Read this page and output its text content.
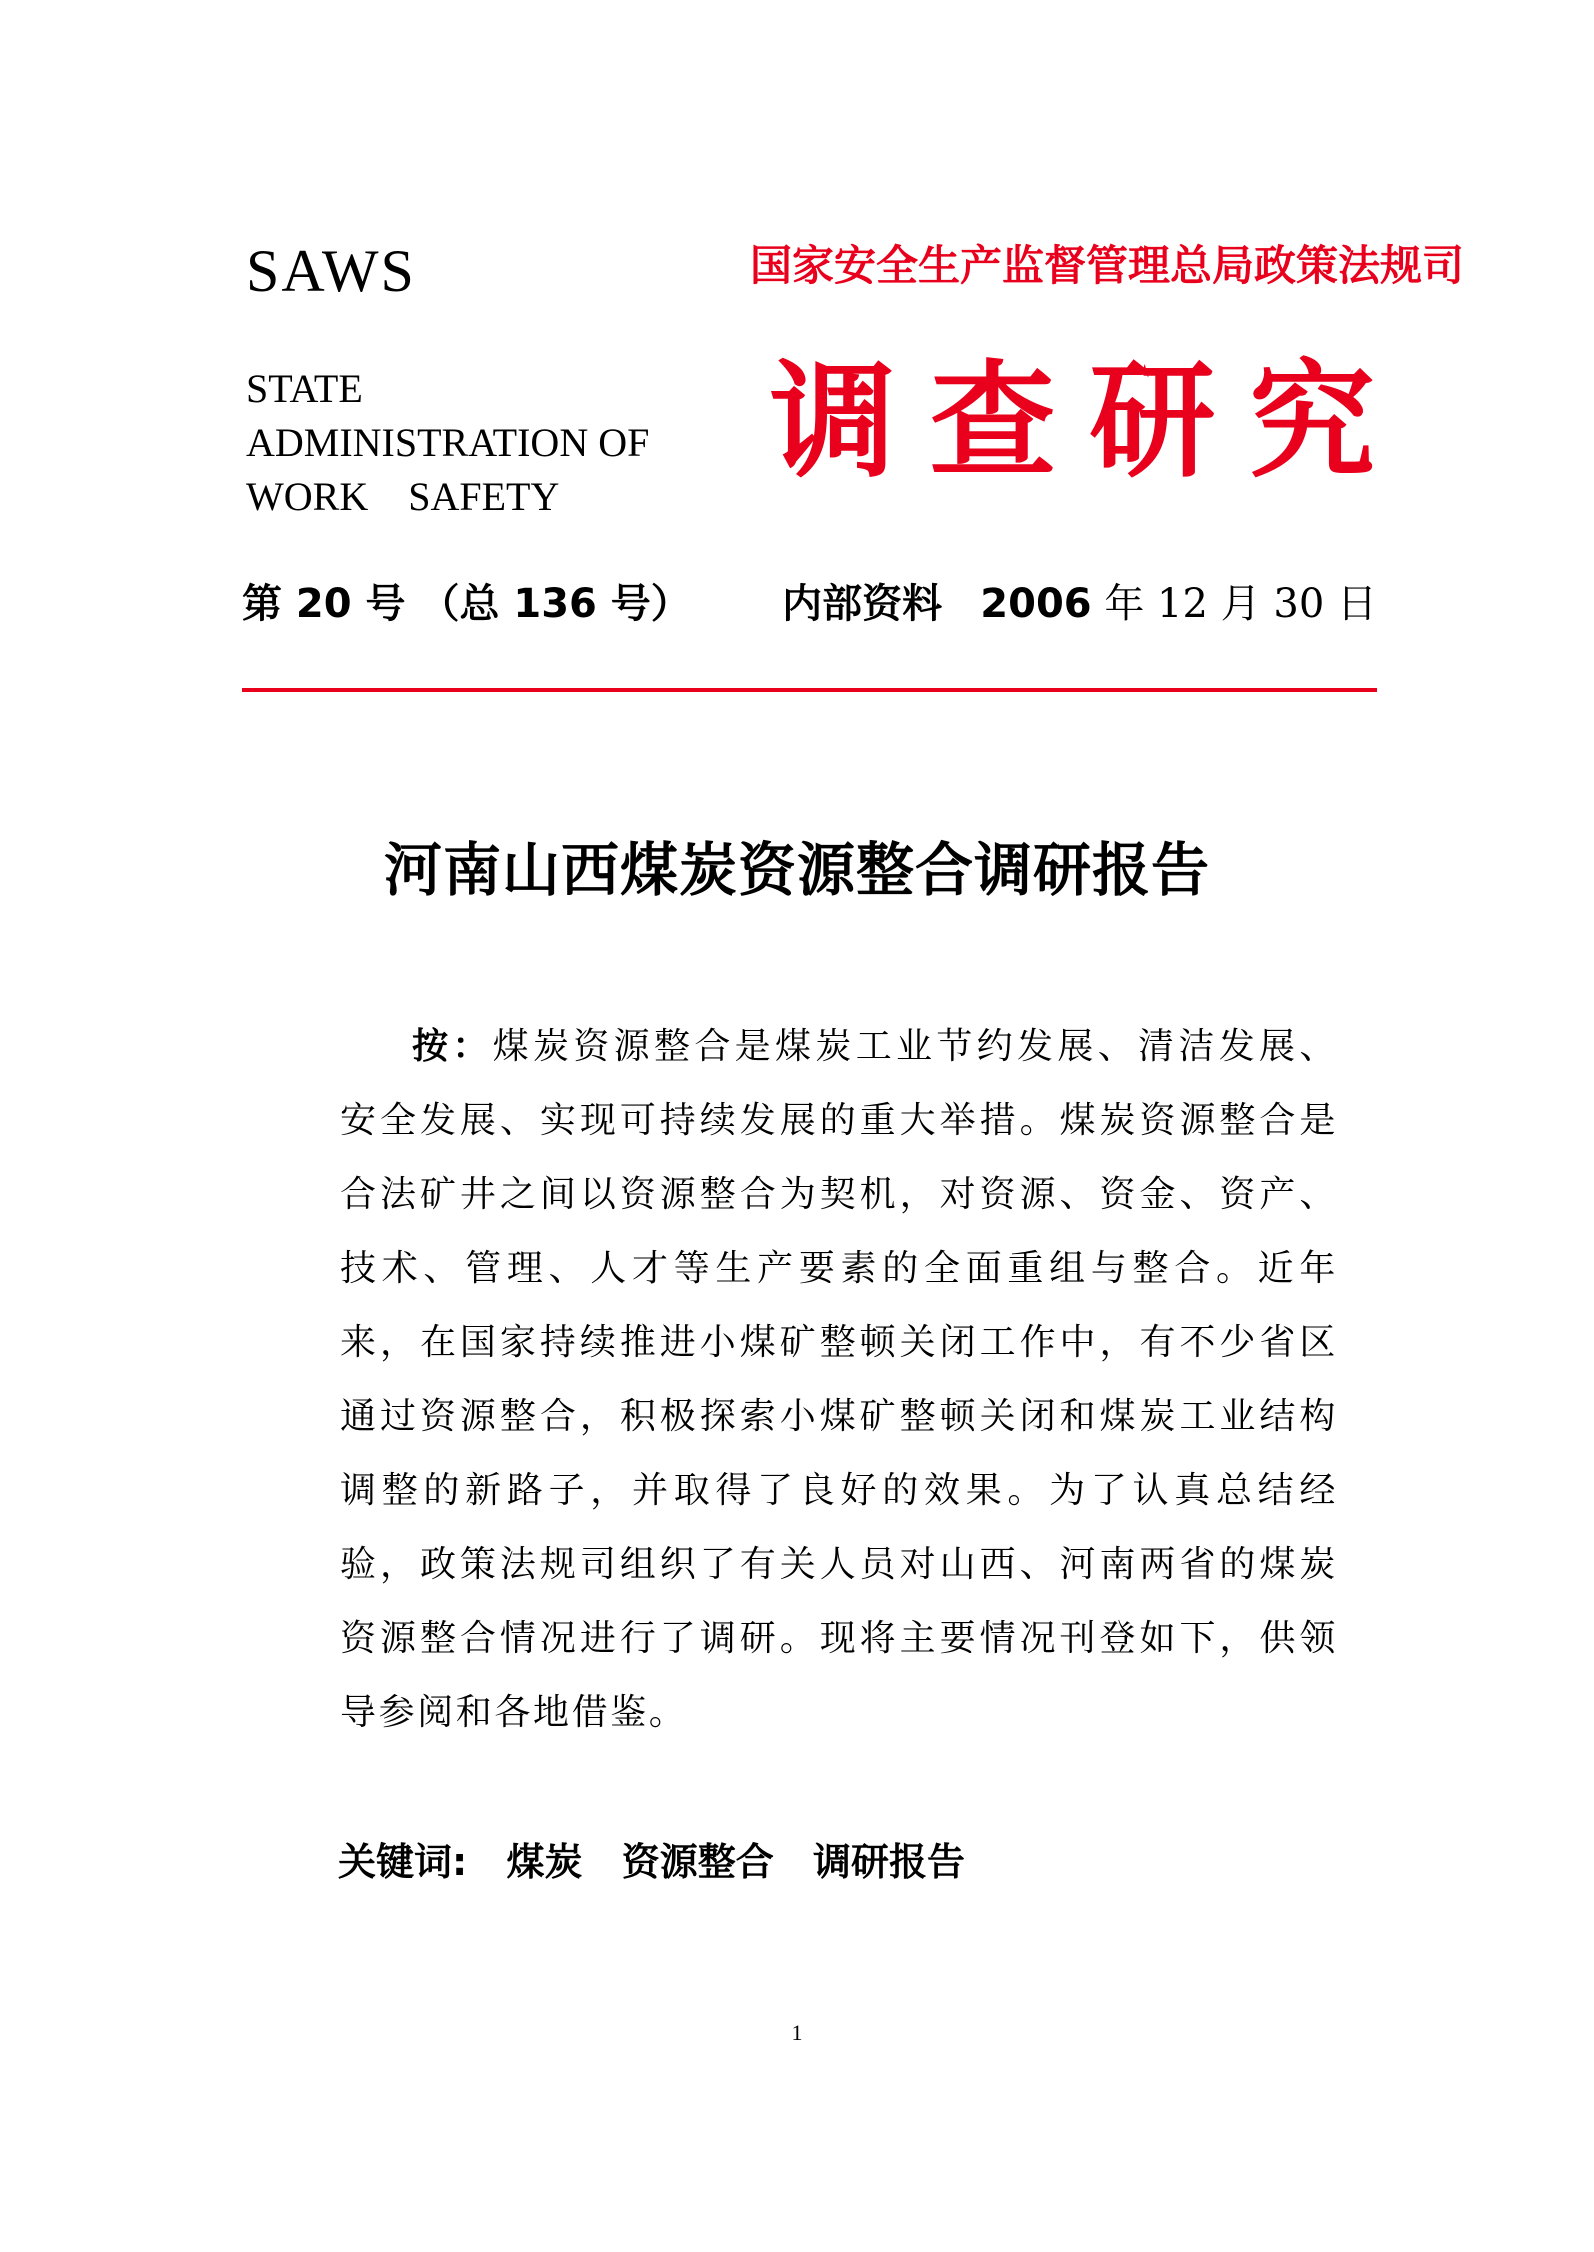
SAWS
STATE
ADMINISTRATION OF
WORK    SAFETY
国家安全生产监督管理总局政策法规司
调 查 研 究
第 20 号 （总 136 号） 内部资料 2006 年 12 月 30 日
河南山西煤炭资源整合调研报告
按：煤炭资源整合是煤炭工业节约发展、清洁发展、安全发展、实现可持续发展的重大举措。煤炭资源整合是合法矿井之间以资源整合为契机，对资源、资金、资产、技术、管理、人才等生产要素的全面重组与整合。近年来，在国家持续推进小煤矿整顿关闭工作中，有不少省区通过资源整合，积极探索小煤矿整顿关闭和煤炭工业结构调整的新路子，并取得了良好的效果。为了认真总结经验，政策法规司组织了有关人员对山西、河南两省的煤炭资源整合情况进行了调研。现将主要情况刊登如下，供领导参阅和各地借鉴。
关键词: 煤炭 资源整合 调研报告
1
